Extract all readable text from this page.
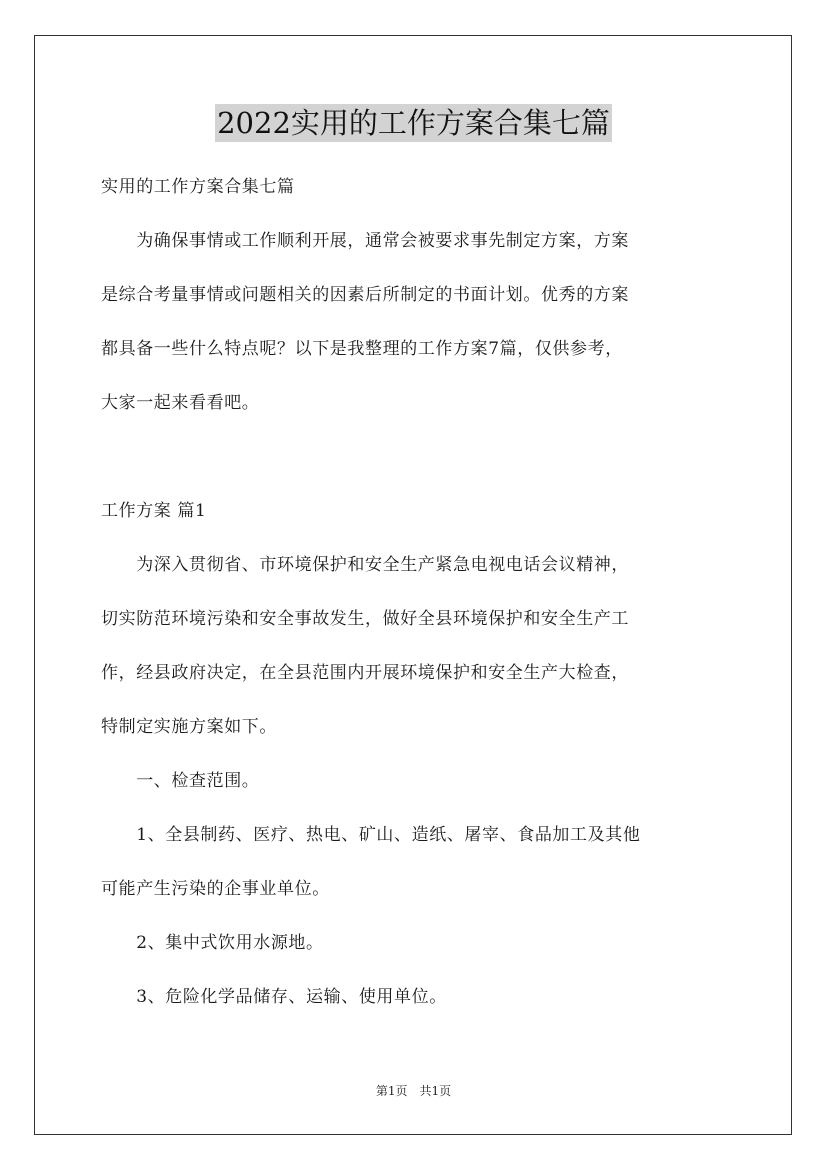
2022实用的工作方案合集七篇
实用的工作方案合集七篇
　　为确保事情或工作顺利开展，通常会被要求事先制定方案，方案
是综合考量事情或问题相关的因素后所制定的书面计划。优秀的方案
都具备一些什么特点呢？以下是我整理的工作方案7篇，仅供参考，
大家一起来看看吧。
工作方案 篇1
　　为深入贯彻省、市环境保护和安全生产紧急电视电话会议精神，
切实防范环境污染和安全事故发生，做好全县环境保护和安全生产工
作，经县政府决定，在全县范围内开展环境保护和安全生产大检查，
特制定实施方案如下。
　　一、检查范围。
　　1、全县制药、医疗、热电、矿山、造纸、屠宰、食品加工及其他
可能产生污染的企事业单位。
　　2、集中式饮用水源地。
　　3、危险化学品储存、运输、使用单位。
第1页　共1页
